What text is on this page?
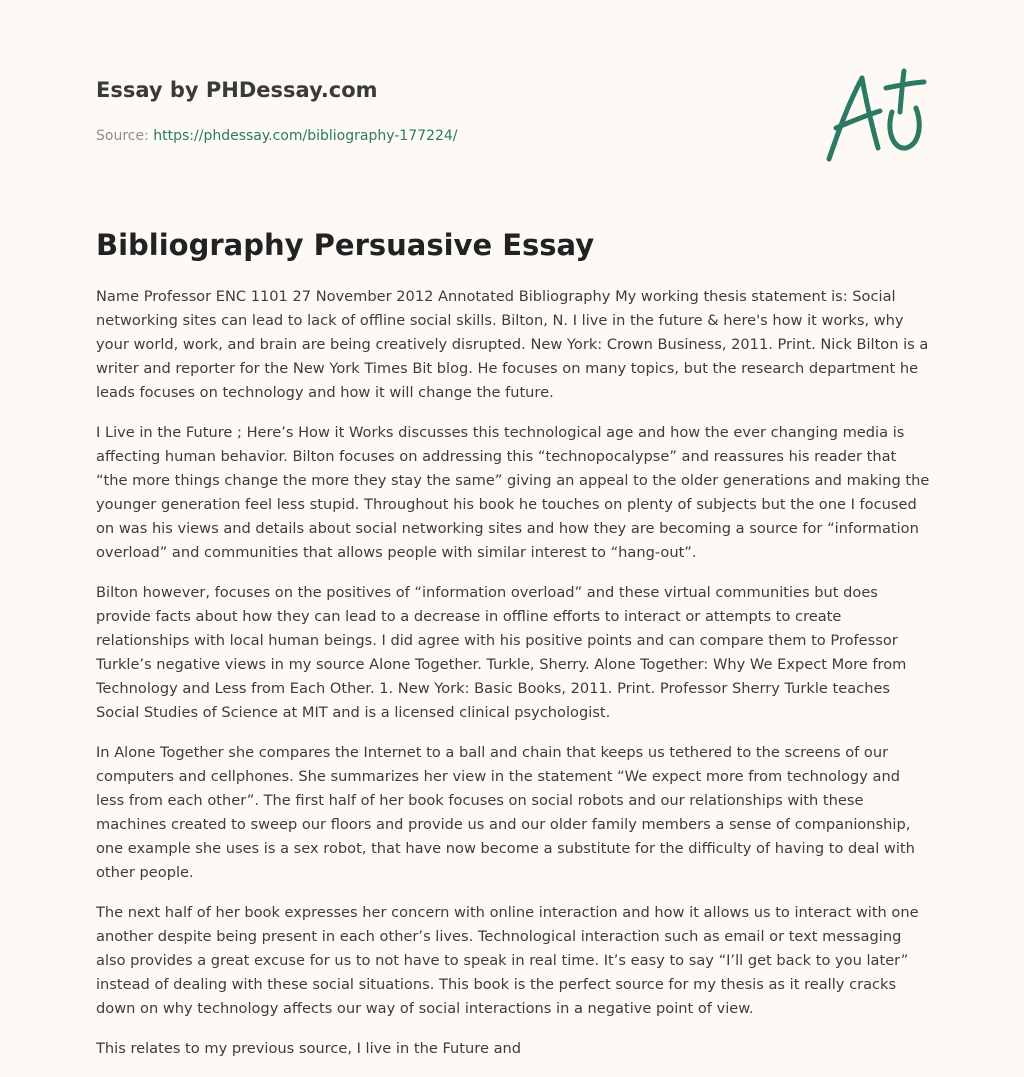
Essay by PHDessay.com
Source: https://phdessay.com/bibliography-177224/
Bibliography Persuasive Essay

Name Professor ENC 1101 27 November 2012 Annotated Bibliography My working thesis statement is: Social networking sites can lead to lack of offline social skills. Bilton, N. I live in the future & here's how it works, why your world, work, and brain are being creatively disrupted. New York: Crown Business, 2011. Print. Nick Bilton is a writer and reporter for the New York Times Bit blog. He focuses on many topics, but the research department he leads focuses on technology and how it will change the future.

I Live in the Future ; Here’s How it Works discusses this technological age and how the ever changing media is affecting human behavior. Bilton focuses on addressing this “technopocalypse” and reassures his reader that “the more things change the more they stay the same” giving an appeal to the older generations and making the younger generation feel less stupid. Throughout his book he touches on plenty of subjects but the one I focused on was his views and details about social networking sites and how they are becoming a source for “information overload” and communities that allows people with similar interest to “hang-out”.

Bilton however, focuses on the positives of “information overload” and these virtual communities but does provide facts about how they can lead to a decrease in offline efforts to interact or attempts to create relationships with local human beings. I did agree with his positive points and can compare them to Professor Turkle’s negative views in my source Alone Together. Turkle, Sherry. Alone Together: Why We Expect More from Technology and Less from Each Other. 1. New York: Basic Books, 2011. Print. Professor Sherry Turkle teaches Social Studies of Science at MIT and is a licensed clinical psychologist.

In Alone Together she compares the Internet to a ball and chain that keeps us tethered to the screens of our computers and cellphones. She summarizes her view in the statement “We expect more from technology and less from each other”. The first half of her book focuses on social robots and our relationships with these machines created to sweep our floors and provide us and our older family members a sense of companionship, one example she uses is a sex robot, that have now become a substitute for the difficulty of having to deal with other people.

The next half of her book expresses her concern with online interaction and how it allows us to interact with one another despite being present in each other’s lives. Technological interaction such as email or text messaging also provides a great excuse for us to not have to speak in real time. It’s easy to say “I’ll get back to you later” instead of dealing with these social situations. This book is the perfect source for my thesis as it really cracks down on why technology affects our way of social interactions in a negative point of view.

This relates to my previous source, I live in the Future and
